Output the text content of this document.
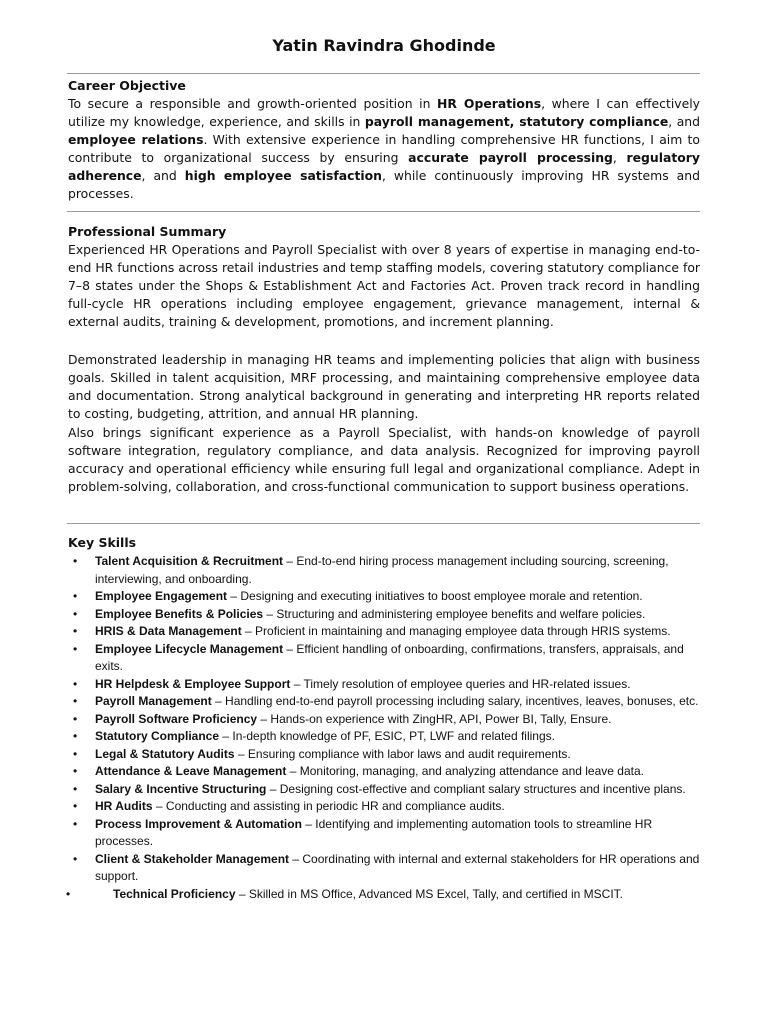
Yatin Ravindra Ghodinde
Career Objective

To secure a responsible and growth-oriented position in HR Operations, where I can effectively utilize my knowledge, experience, and skills in payroll management, statutory compliance, and employee relations. With extensive experience in handling comprehensive HR functions, I aim to contribute to organizational success by ensuring accurate payroll processing, regulatory adherence, and high employee satisfaction, while continuously improving HR systems and processes.

Professional Summary

Experienced HR Operations and Payroll Specialist with over 8 years of expertise in managing end-to-end HR functions across retail industries and temp staffing models, covering statutory compliance for 7–8 states under the Shops & Establishment Act and Factories Act. Proven track record in handling full-cycle HR operations including employee engagement, grievance management, internal & external audits, training & development, promotions, and increment planning.

Demonstrated leadership in managing HR teams and implementing policies that align with business goals. Skilled in talent acquisition, MRF processing, and maintaining comprehensive employee data and documentation. Strong analytical background in generating and interpreting HR reports related to costing, budgeting, attrition, and annual HR planning.

Also brings significant experience as a Payroll Specialist, with hands-on knowledge of payroll software integration, regulatory compliance, and data analysis. Recognized for improving payroll accuracy and operational efficiency while ensuring full legal and organizational compliance. Adept in problem-solving, collaboration, and cross-functional communication to support business operations.

Key Skills
• Talent Acquisition & Recruitment – End-to-end hiring process management including sourcing, screening, interviewing, and onboarding.
• Employee Engagement – Designing and executing initiatives to boost employee morale and retention.
• Employee Benefits & Policies – Structuring and administering employee benefits and welfare policies.
• HRIS & Data Management – Proficient in maintaining and managing employee data through HRIS systems.
• Employee Lifecycle Management – Efficient handling of onboarding, confirmations, transfers, appraisals, and exits.
• HR Helpdesk & Employee Support – Timely resolution of employee queries and HR-related issues.
• Payroll Management – Handling end-to-end payroll processing including salary, incentives, leaves, bonuses, etc.
• Payroll Software Proficiency – Hands-on experience with ZingHR, API, Power BI, Tally, Ensure.
• Statutory Compliance – In-depth knowledge of PF, ESIC, PT, LWF and related filings.
• Legal & Statutory Audits – Ensuring compliance with labor laws and audit requirements.
• Attendance & Leave Management – Monitoring, managing, and analyzing attendance and leave data.
• Salary & Incentive Structuring – Designing cost-effective and compliant salary structures and incentive plans.
• HR Audits – Conducting and assisting in periodic HR and compliance audits.
• Process Improvement & Automation – Identifying and implementing automation tools to streamline HR processes.
• Client & Stakeholder Management – Coordinating with internal and external stakeholders for HR operations and support.
•	Technical Proficiency – Skilled in MS Office, Advanced MS Excel, Tally, and certified in MSCIT.
